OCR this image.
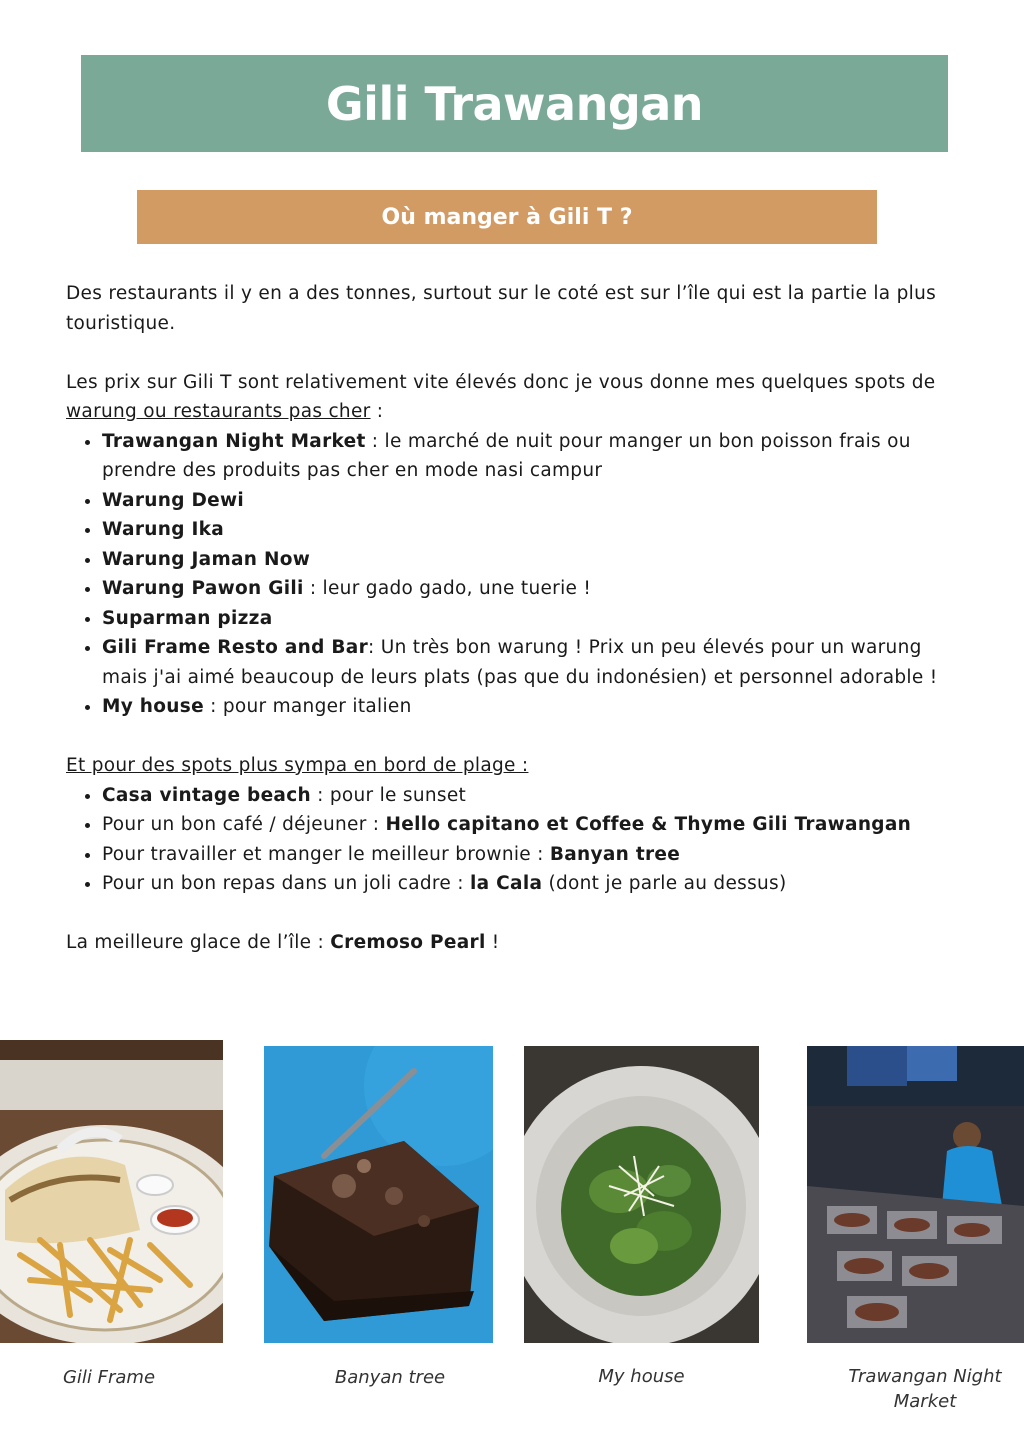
Gili Trawangan
Où manger à Gili T ?

Des restaurants il y en a des tonnes, surtout sur le coté est sur l’île qui est la partie la plus touristique.

Les prix sur Gili T sont relativement vite élevés donc je vous donne mes quelques spots de warung ou restaurants pas cher :

• Trawangan Night Market : le marché de nuit pour manger un bon poisson frais ou prendre des produits pas cher en mode nasi campur
• Warung Dewi
• Warung Ika
• Warung Jaman Now
• Warung Pawon Gili : leur gado gado, une tuerie !
• Suparman pizza
• Gili Frame Resto and Bar: Un très bon warung ! Prix un peu élevés pour un warung mais j'ai aimé beaucoup de leurs plats (pas que du indonésien) et personnel adorable !
• My house : pour manger italien

Et pour des spots plus sympa en bord de plage :

• Casa vintage beach : pour le sunset
• Pour un bon café / déjeuner : Hello capitano et Coffee & Thyme Gili Trawangan
• Pour travailler et manger le meilleur brownie : Banyan tree
• Pour un bon repas dans un joli cadre : la Cala (dont je parle au dessus)

La meilleure glace de l’île : Cremoso Pearl !

Gili Frame	Banyan tree	My house	Trawangan Night Market
